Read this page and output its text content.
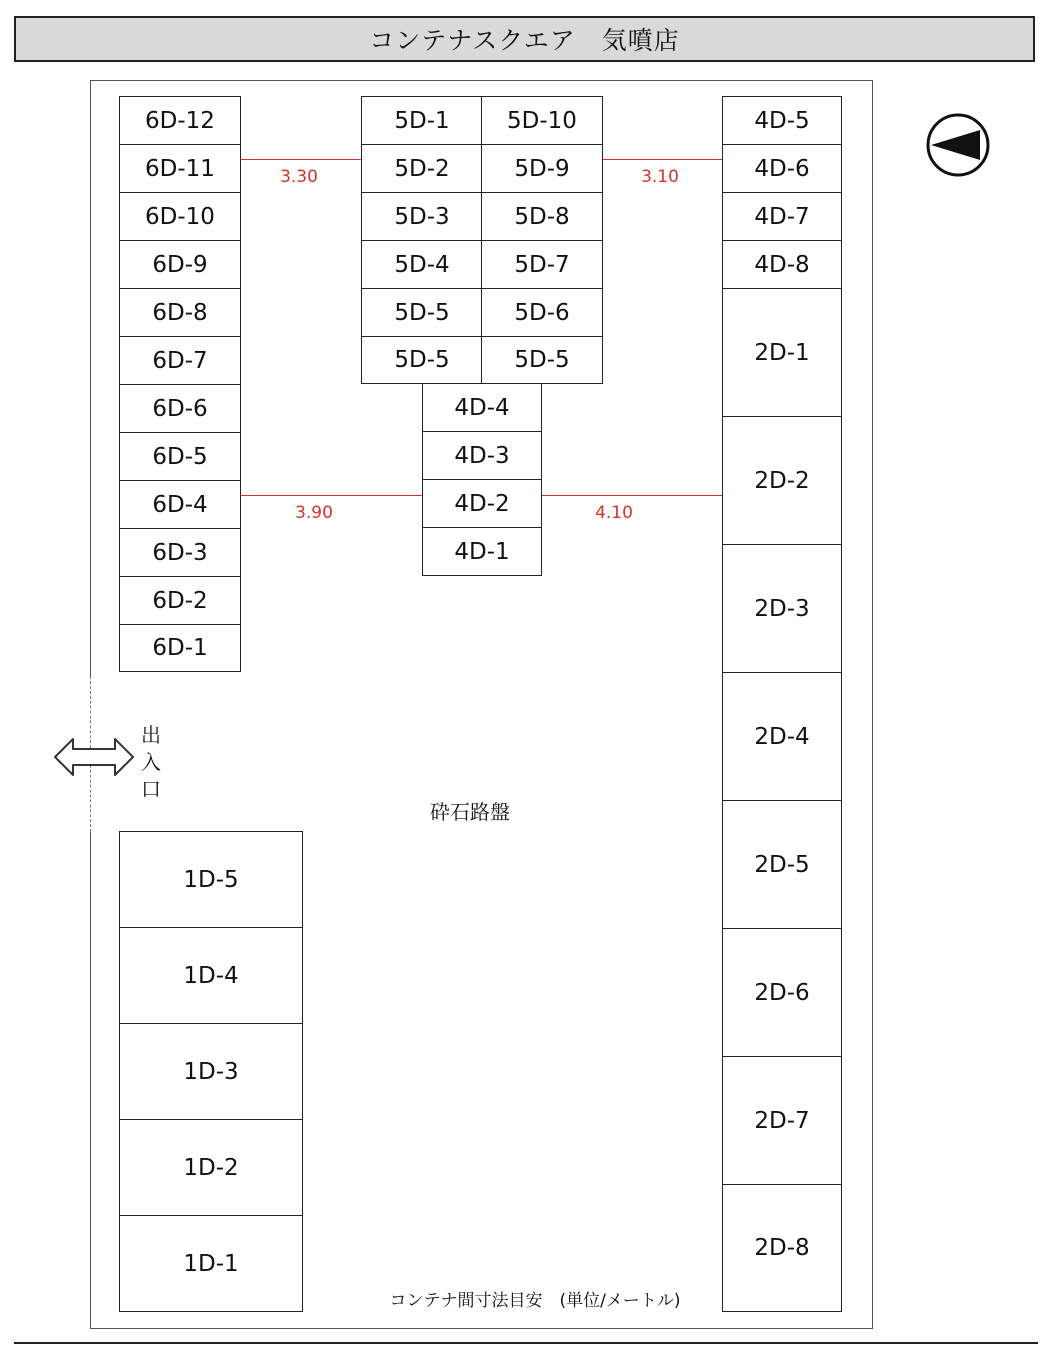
コンテナスクエア　気噴店
6D-12
6D-11
6D-10
6D-9
6D-8
6D-7
6D-6
6D-5
6D-4
6D-3
6D-2
6D-1
5D-1
5D-2
5D-3
5D-4
5D-5
5D-5
5D-10
5D-9
5D-8
5D-7
5D-6
5D-5
4D-4
4D-3
4D-2
4D-1
4D-5
4D-6
4D-7
4D-8
2D-1
2D-2
2D-3
2D-4
2D-5
2D-6
2D-7
2D-8
1D-5
1D-4
1D-3
1D-2
1D-1
3.30	3.10
3.90	4.10
砕石路盤
出
入
口
コンテナ間寸法目安　(単位/メートル)
